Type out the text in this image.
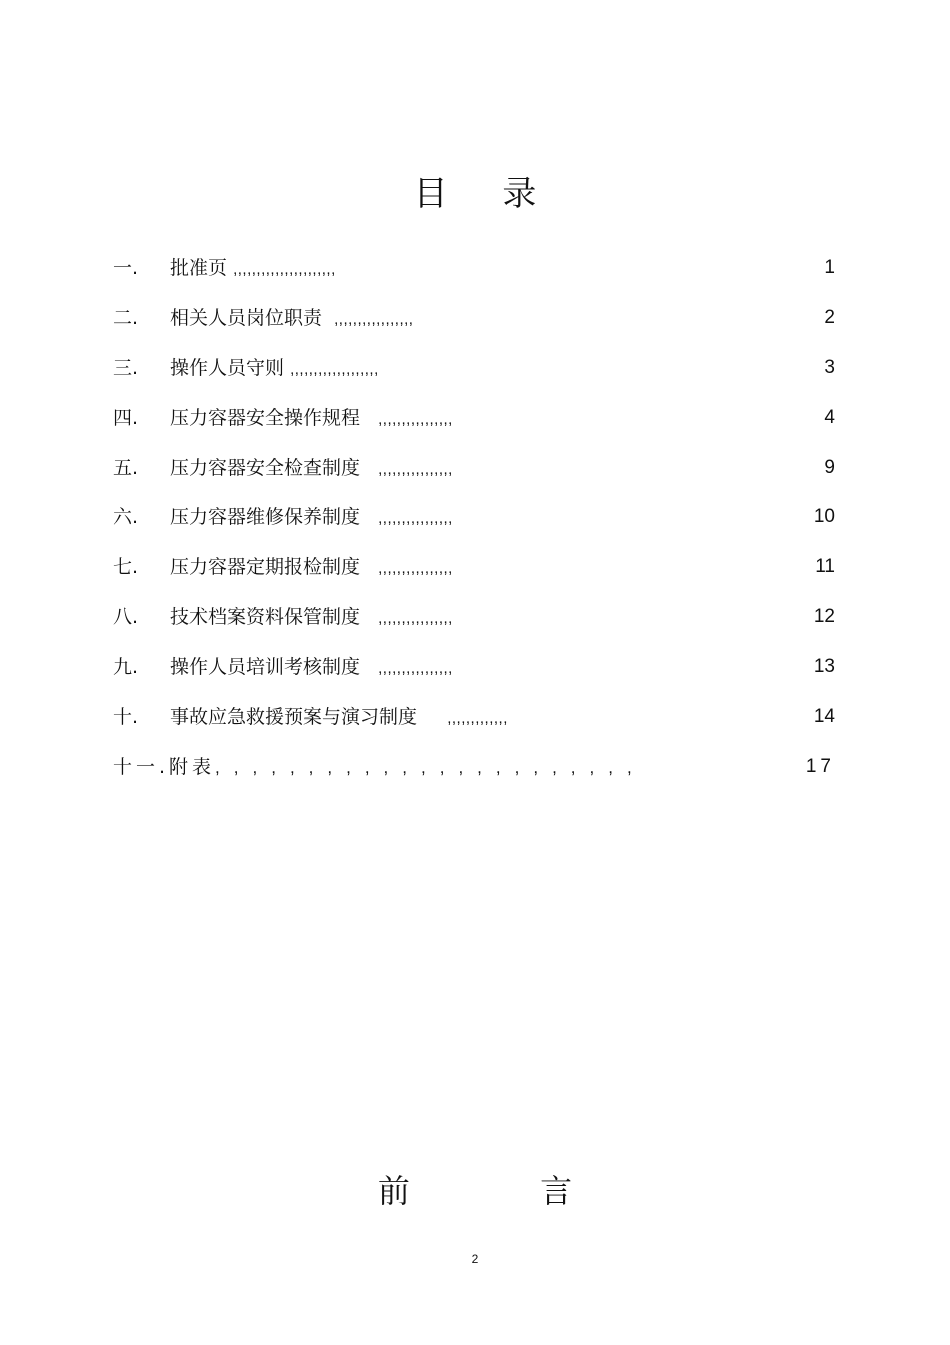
目 录
一. 批准页 ,,,,,,,,,,,,,,,,,,,,,,	1
二. 相关人员岗位职责 ,,,,,,,,,,,,,,,,,	2
三. 操作人员守则 ,,,,,,,,,,,,,,,,,,,	3
四. 压力容器安全操作规程 ,,,,,,,,,,,,,,,,	4
五. 压力容器安全检查制度 ,,,,,,,,,,,,,,,,	9
六. 压力容器维修保养制度 ,,,,,,,,,,,,,,,,	10
七. 压力容器定期报检制度 ,,,,,,,,,,,,,,,,	11
八. 技术档案资料保管制度 ,,,,,,,,,,,,,,,,	12
九. 操作人员培训考核制度 ,,,,,,,,,,,,,,,,	13
十. 事故应急救援预案与演习制度 ,,,,,,,,,,,,,	14
十一.附表,,,,,,,,,,,,,,,,,,,,,,,	17
前 言
2
